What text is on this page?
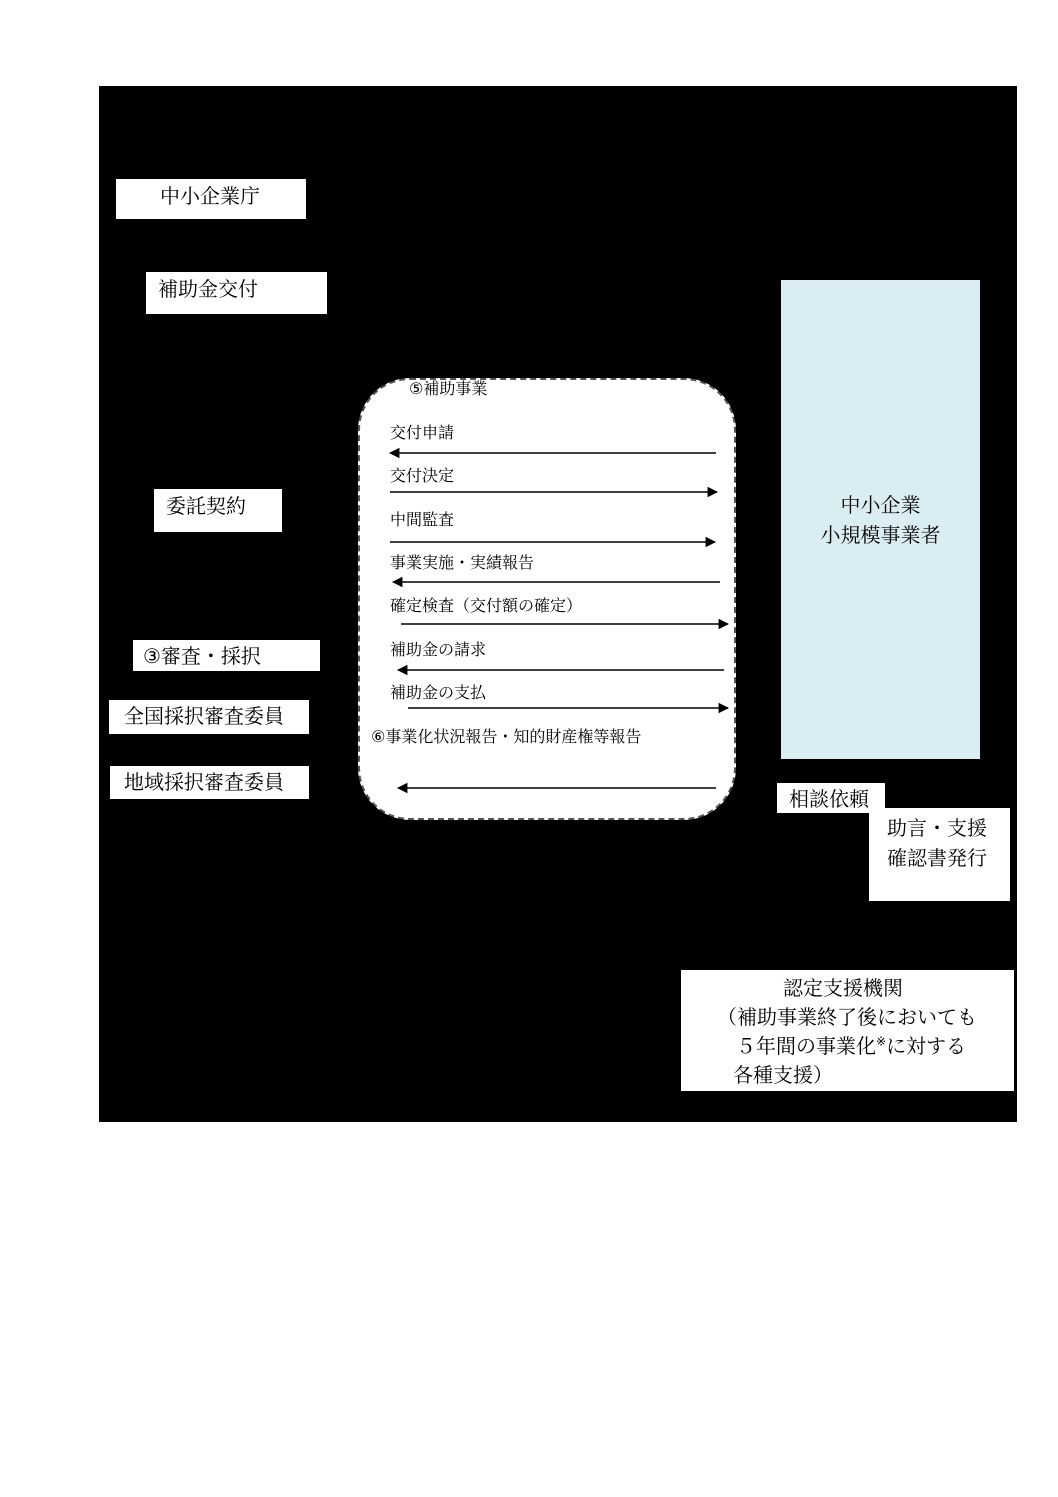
中小企業庁
補助金交付
委託契約
③審査・採択
全国採択審査委員
地域採択審査委員
中小企業
小規模事業者
⑤補助事業
交付申請
交付決定
中間監査
事業実施・実績報告
確定検査（交付額の確定）
補助金の請求
補助金の支払
⑥事業化状況報告・知的財産権等報告
相談依頼
助言・支援
確認書発行
認定支援機関
（補助事業終了後においても
５年間の事業化※に対する
各種支援）
